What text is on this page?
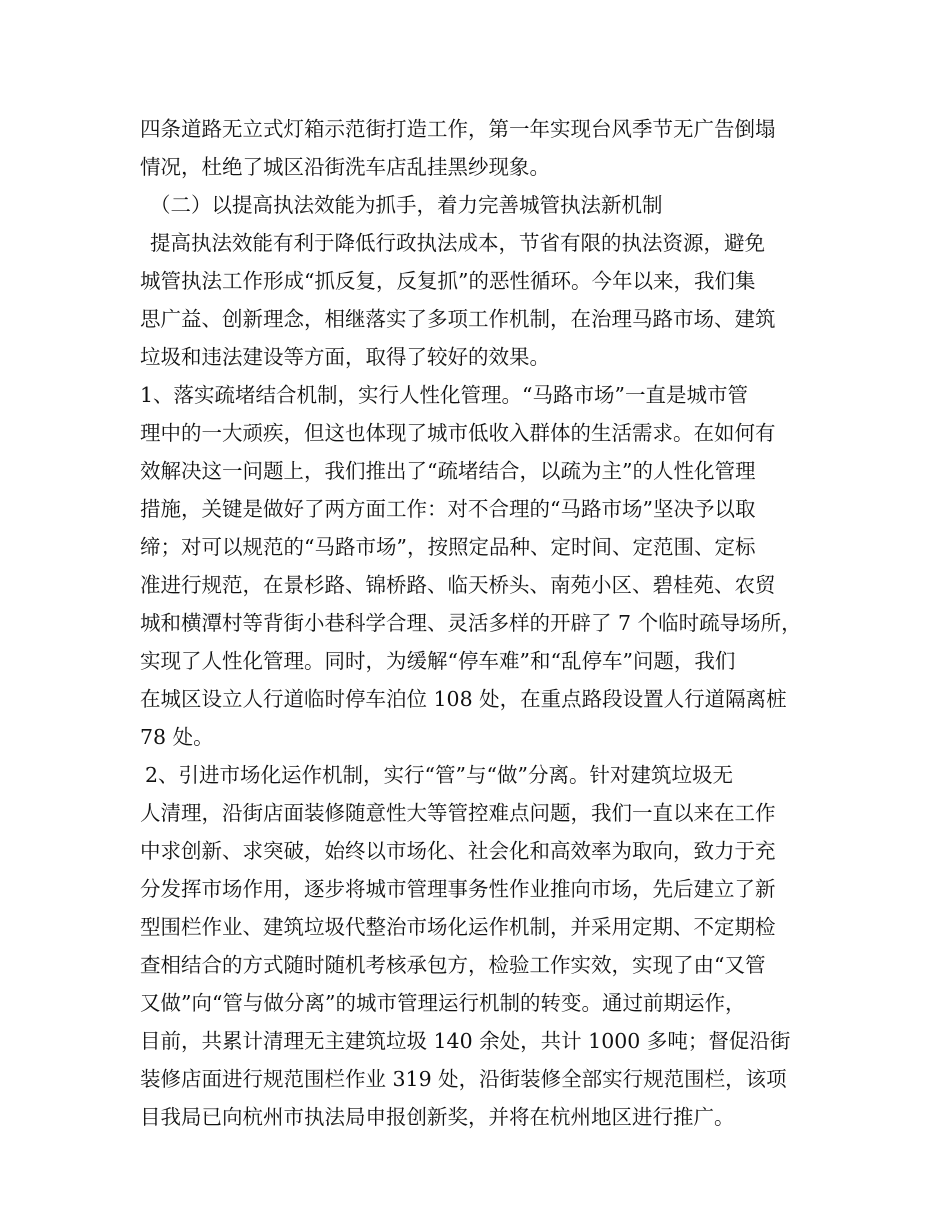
四条道路无立式灯箱示范街打造工作，第一年实现台风季节无广告倒塌
情况，杜绝了城区沿街洗车店乱挂黑纱现象。
（二）以提高执法效能为抓手，着力完善城管执法新机制
提高执法效能有利于降低行政执法成本，节省有限的执法资源，避免
城管执法工作形成“抓反复，反复抓”的恶性循环。今年以来，我们集
思广益、创新理念，相继落实了多项工作机制，在治理马路市场、建筑
垃圾和违法建设等方面，取得了较好的效果。
1、落实疏堵结合机制，实行人性化管理。“马路市场”一直是城市管
理中的一大顽疾，但这也体现了城市低收入群体的生活需求。在如何有
效解决这一问题上，我们推出了“疏堵结合，以疏为主”的人性化管理
措施，关键是做好了两方面工作：对不合理的“马路市场”坚决予以取
缔；对可以规范的“马路市场”，按照定品种、定时间、定范围、定标
准进行规范，在景杉路、锦桥路、临天桥头、南苑小区、碧桂苑、农贸
城和横潭村等背街小巷科学合理、灵活多样的开辟了 7 个临时疏导场所，
实现了人性化管理。同时，为缓解“停车难”和“乱停车”问题，我们
在城区设立人行道临时停车泊位 108 处，在重点路段设置人行道隔离桩
78 处。
2、引进市场化运作机制，实行“管”与“做”分离。针对建筑垃圾无
人清理，沿街店面装修随意性大等管控难点问题，我们一直以来在工作
中求创新、求突破，始终以市场化、社会化和高效率为取向，致力于充
分发挥市场作用，逐步将城市管理事务性作业推向市场，先后建立了新
型围栏作业、建筑垃圾代整治市场化运作机制，并采用定期、不定期检
查相结合的方式随时随机考核承包方，检验工作实效，实现了由“又管
又做”向“管与做分离”的城市管理运行机制的转变。通过前期运作，
目前，共累计清理无主建筑垃圾 140 余处，共计 1000 多吨；督促沿街
装修店面进行规范围栏作业 319 处，沿街装修全部实行规范围栏，该项
目我局已向杭州市执法局申报创新奖，并将在杭州地区进行推广。
